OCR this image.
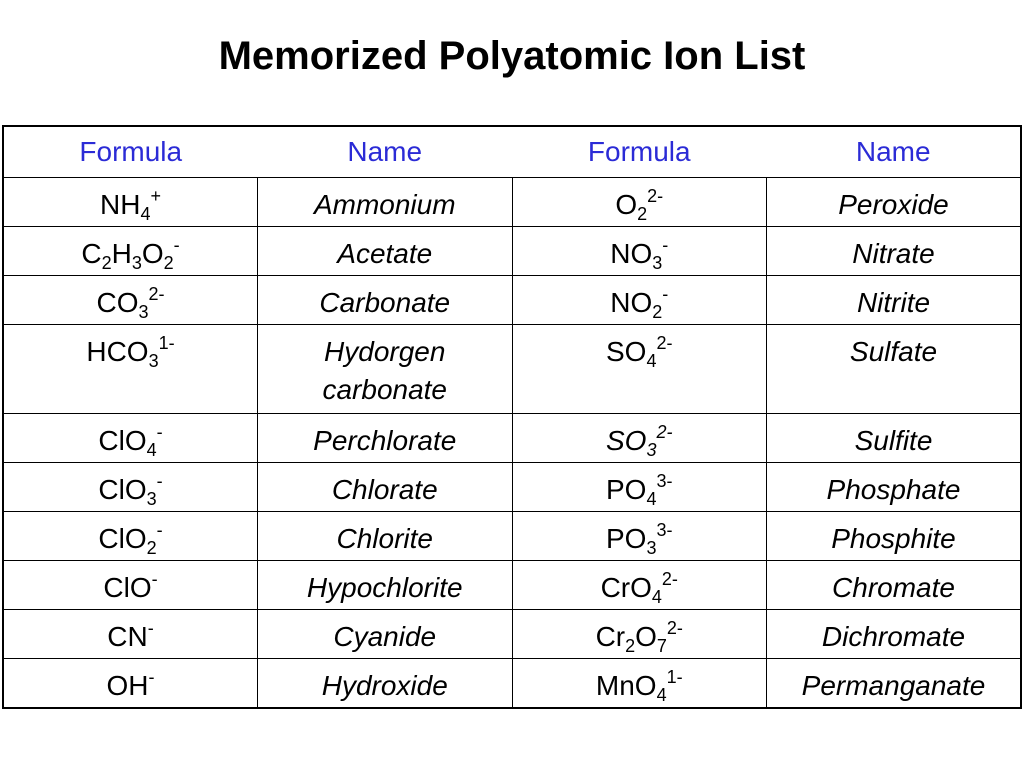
Memorized Polyatomic Ion List
Formula	Name	Formula	Name
$NH_4^+$	Ammonium	$O_2^{2-}$	Peroxide
$C_2H_3O_2^-$	Acetate	$NO_3^-$	Nitrate
$CO_3^{2-}$	Carbonate	$NO_2^-$	Nitrite
$HCO_3^{1-}$	Hydorgen carbonate	$SO_4^{2-}$	Sulfate
ClO$_4$-	Perchlorate	$SO_3^{2-}$	Sulfite
ClO$_3$-	Chlorate	$PO_4^{3-}$	Phosphate
ClO$_2$-	Chlorite	$PO_3^{3-}$	Phosphite
ClO-	Hypochlorite	CrO$_4^{2-}$	Chromate
CN-	Cyanide	$Cr_2O_7^{2-}$	Dichromate
OH-	Hydroxide	MnO$_4^{1-}$	Permanganate
